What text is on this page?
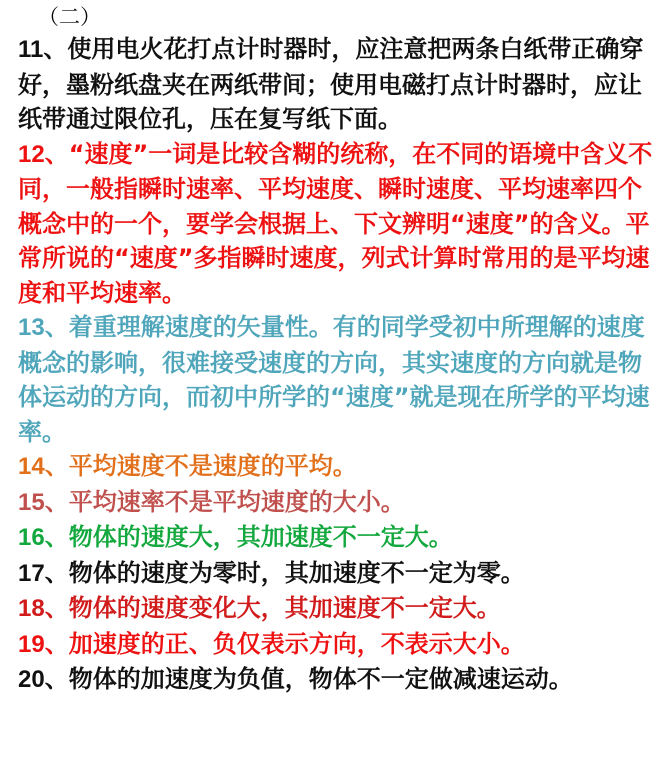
（二）

11、使用电火花打点计时器时，应注意把两条白纸带正确穿好，墨粉纸盘夹在两纸带间；使用电磁打点计时器时，应让纸带通过限位孔，压在复写纸下面。

12、“速度”一词是比较含糊的统称，在不同的语境中含义不同，一般指瞬时速率、平均速度、瞬时速度、平均速率四个概念中的一个，要学会根据上、下文辨明“速度”的含义。平常所说的“速度”多指瞬时速度，列式计算时常用的是平均速度和平均速率。

13、着重理解速度的矢量性。有的同学受初中所理解的速度概念的影响，很难接受速度的方向，其实速度的方向就是物体运动的方向，而初中所学的“速度”就是现在所学的平均速率。

14、平均速度不是速度的平均。

15、平均速率不是平均速度的大小。

16、物体的速度大，其加速度不一定大。

17、物体的速度为零时，其加速度不一定为零。

18、物体的速度变化大，其加速度不一定大。

19、加速度的正、负仅表示方向，不表示大小。

20、物体的加速度为负值，物体不一定做减速运动。
